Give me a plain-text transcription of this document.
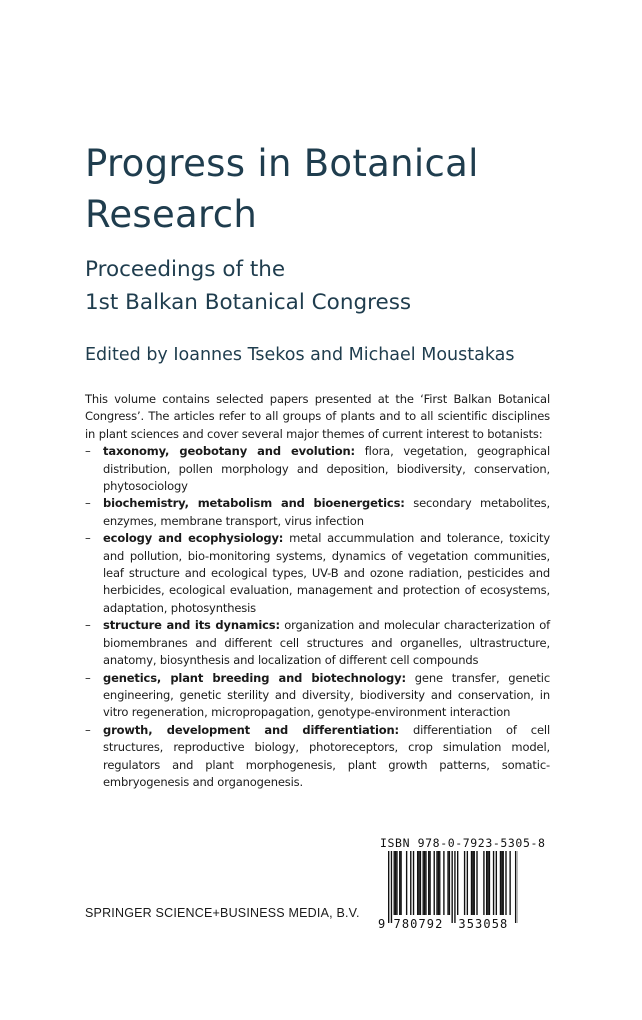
Progress in Botanical Research
Proceedings of the
1st Balkan Botanical Congress
Edited by Ioannes Tsekos and Michael Moustakas

This volume contains selected papers presented at the ‘First Balkan Botanical Congress’. The articles refer to all groups of plants and to all scientific disciplines in plant sciences and cover several major themes of current interest to botanists:

– taxonomy, geobotany and evolution: flora, vegetation, geographical distribution, pollen morphology and deposition, biodiversity, conservation, phytosociology
– biochemistry, metabolism and bioenergetics: secondary metabolites, enzymes, membrane transport, virus infection
– ecology and ecophysiology: metal accummulation and tolerance, toxicity and pollution, bio-monitoring systems, dynamics of vegetation communities, leaf structure and ecological types, UV-B and ozone radiation, pesticides and herbicides, ecological evaluation, management and protection of ecosystems, adaptation, photosynthesis
– structure and its dynamics: organization and molecular characterization of biomembranes and different cell structures and organelles, ultrastructure, anatomy, biosynthesis and localization of different cell compounds
– genetics, plant breeding and biotechnology: gene transfer, genetic engineering, genetic sterility and diversity, biodiversity and conservation, in vitro regeneration, micropropagation, genotype-environment interaction
– growth, development and differentiation: differentiation of cell structures, reproductive biology, photoreceptors, crop simulation model, regulators and plant morphogenesis, plant growth patterns, somatic-embryogenesis and organogenesis.
SPRINGER SCIENCE+BUSINESS MEDIA, B.V.
ISBN 978-0-7923-5305-8
9 780792 353058
